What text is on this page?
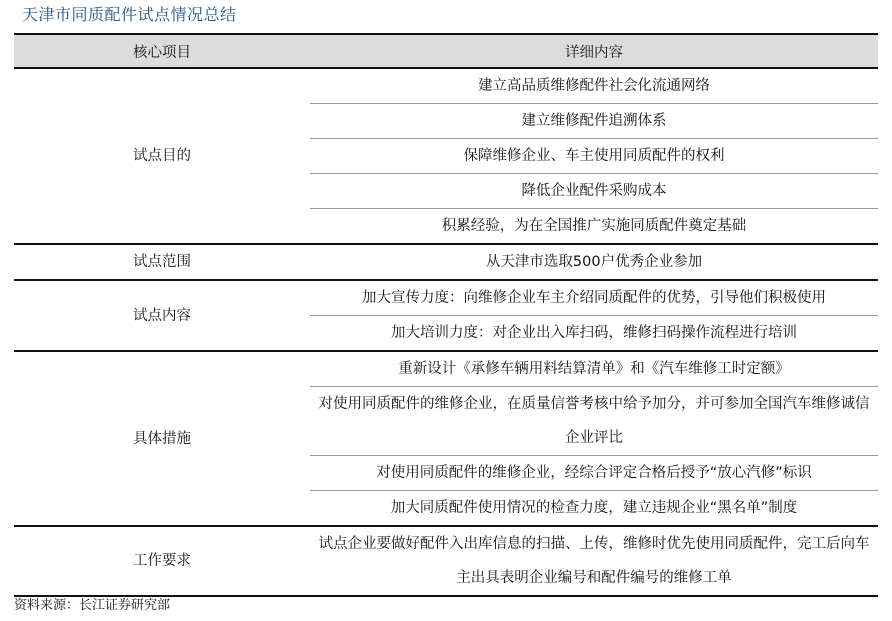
天津市同质配件试点情况总结
核心项目	详细内容
试点目的	建立高品质维修配件社会化流通网络
	建立维修配件追溯体系
	保障维修企业、车主使用同质配件的权利
	降低企业配件采购成本
	积累经验，为在全国推广实施同质配件奠定基础
试点范围	从天津市选取500户优秀企业参加
试点内容	加大宣传力度：向维修企业车主介绍同质配件的优势，引导他们积极使用
	加大培训力度：对企业出入库扫码，维修扫码操作流程进行培训
具体措施	重新设计《承修车辆用料结算清单》和《汽车维修工时定额》
	对使用同质配件的维修企业，在质量信誉考核中给予加分，并可参加全国汽车维修诚信企业评比
	对使用同质配件的维修企业，经综合评定合格后授予“放心汽修”标识
	加大同质配件使用情况的检查力度，建立违规企业“黑名单”制度
工作要求	试点企业要做好配件入出库信息的扫描、上传，维修时优先使用同质配件，完工后向车主出具表明企业编号和配件编号的维修工单
资料来源：长江证券研究部
